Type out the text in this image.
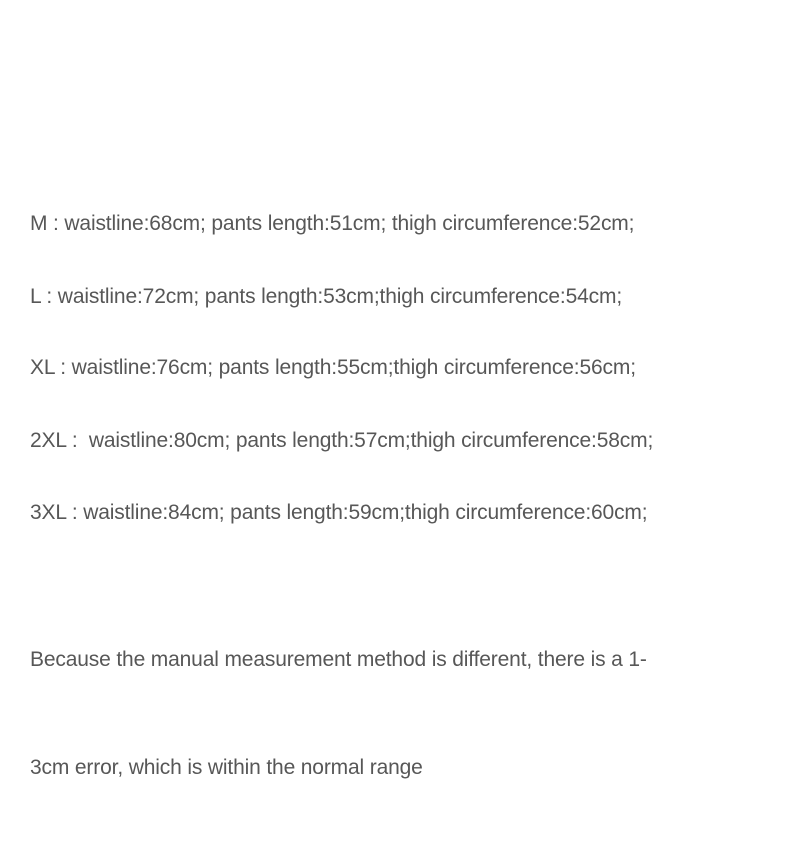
M : waistline:68cm; pants length:51cm; thigh circumference:52cm;
L : waistline:72cm; pants length:53cm;thigh circumference:54cm;
XL : waistline:76cm; pants length:55cm;thigh circumference:56cm;
2XL :  waistline:80cm; pants length:57cm;thigh circumference:58cm;
3XL : waistline:84cm; pants length:59cm;thigh circumference:60cm;

Because the manual measurement method is different, there is a 1-

3cm error, which is within the normal range
